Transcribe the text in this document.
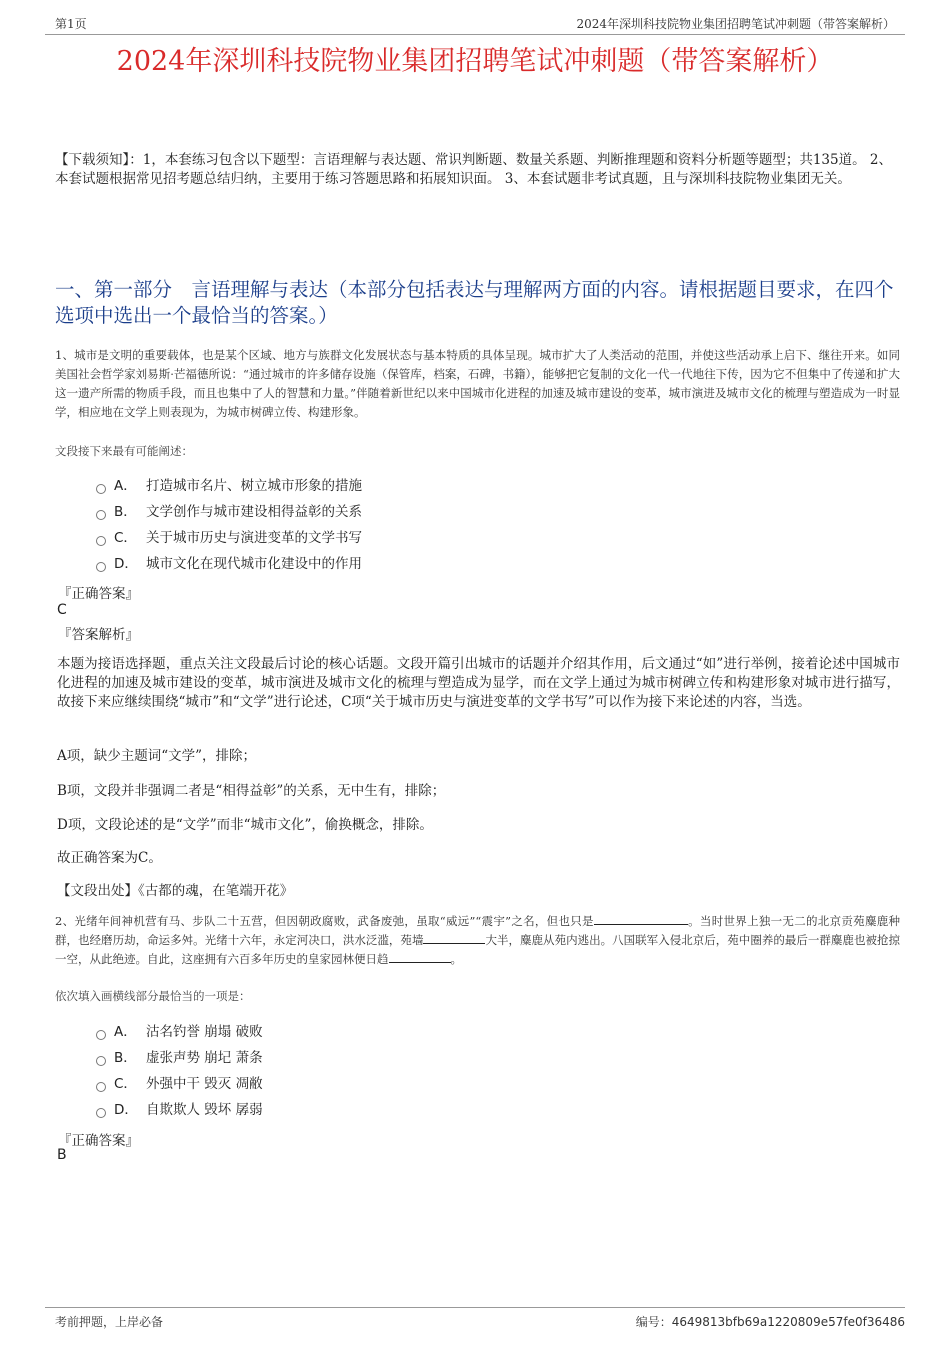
第1页	2024年深圳科技院物业集团招聘笔试冲刺题（带答案解析）
2024年深圳科技院物业集团招聘笔试冲刺题（带答案解析）
【下载须知】：1，本套练习包含以下题型：言语理解与表达题、常识判断题、数量关系题、判断推理题和资料分析题等题型；共135道。 2、本套试题根据常见招考题总结归纳，主要用于练习答题思路和拓展知识面。 3、本套试题非考试真题，且与深圳科技院物业集团无关。
一、第一部分　言语理解与表达（本部分包括表达与理解两方面的内容。请根据题目要求，在四个选项中选出一个最恰当的答案。）
1、城市是文明的重要载体，也是某个区域、地方与族群文化发展状态与基本特质的具体呈现。城市扩大了人类活动的范围，并使这些活动承上启下、继往开来。如同美国社会哲学家刘易斯·芒福德所说：“通过城市的许多储存设施（保管库，档案，石碑，书籍），能够把它复制的文化一代一代地往下传，因为它不但集中了传递和扩大这一遗产所需的物质手段，而且也集中了人的智慧和力量。”伴随着新世纪以来中国城市化进程的加速及城市建设的变革，城市演进及城市文化的梳理与塑造成为一时显学，相应地在文学上则表现为，为城市树碑立传、构建形象。
文段接下来最有可能阐述：
A． 打造城市名片、树立城市形象的措施
B． 文学创作与城市建设相得益彰的关系
C． 关于城市历史与演进变革的文学书写
D． 城市文化在现代城市化建设中的作用
『正确答案』
C
『答案解析』
本题为接语选择题，重点关注文段最后讨论的核心话题。文段开篇引出城市的话题并介绍其作用，后文通过“如”进行举例，接着论述中国城市化进程的加速及城市建设的变革，城市演进及城市文化的梳理与塑造成为显学，而在文学上通过为城市树碑立传和构建形象对城市进行描写，故接下来应继续围绕“城市”和“文学”进行论述，C项“关于城市历史与演进变革的文学书写”可以作为接下来论述的内容，当选。
A项，缺少主题词“文学”，排除；
B项，文段并非强调二者是“相得益彰”的关系，无中生有，排除；
D项，文段论述的是“文学”而非“城市文化”，偷换概念，排除。
故正确答案为C。
【文段出处】《古都的魂，在笔端开花》
2、光绪年间神机营有马、步队二十五营，但因朝政腐败，武备废弛，虽取“威远”“震宇”之名，但也只是	。当时世界上独一无二的北京贡苑麋鹿种群，也经磨历劫，命运多舛。光绪十六年，永定河决口，洪水泛滥，苑墙	大半，麋鹿从苑内逃出。八国联军入侵北京后，苑中圈养的最后一群麋鹿也被抢掠一空，从此绝迹。自此，这座拥有六百多年历史的皇家园林便日趋	。
依次填入画横线部分最恰当的一项是：
A． 沽名钓誉 崩塌 破败
B． 虚张声势 崩圮 萧条
C． 外强中干 毁灭 凋敝
D． 自欺欺人 毁坏 孱弱
『正确答案』
B
考前押题，上岸必备	编号：4649813bfb69a1220809e57fe0f36486
